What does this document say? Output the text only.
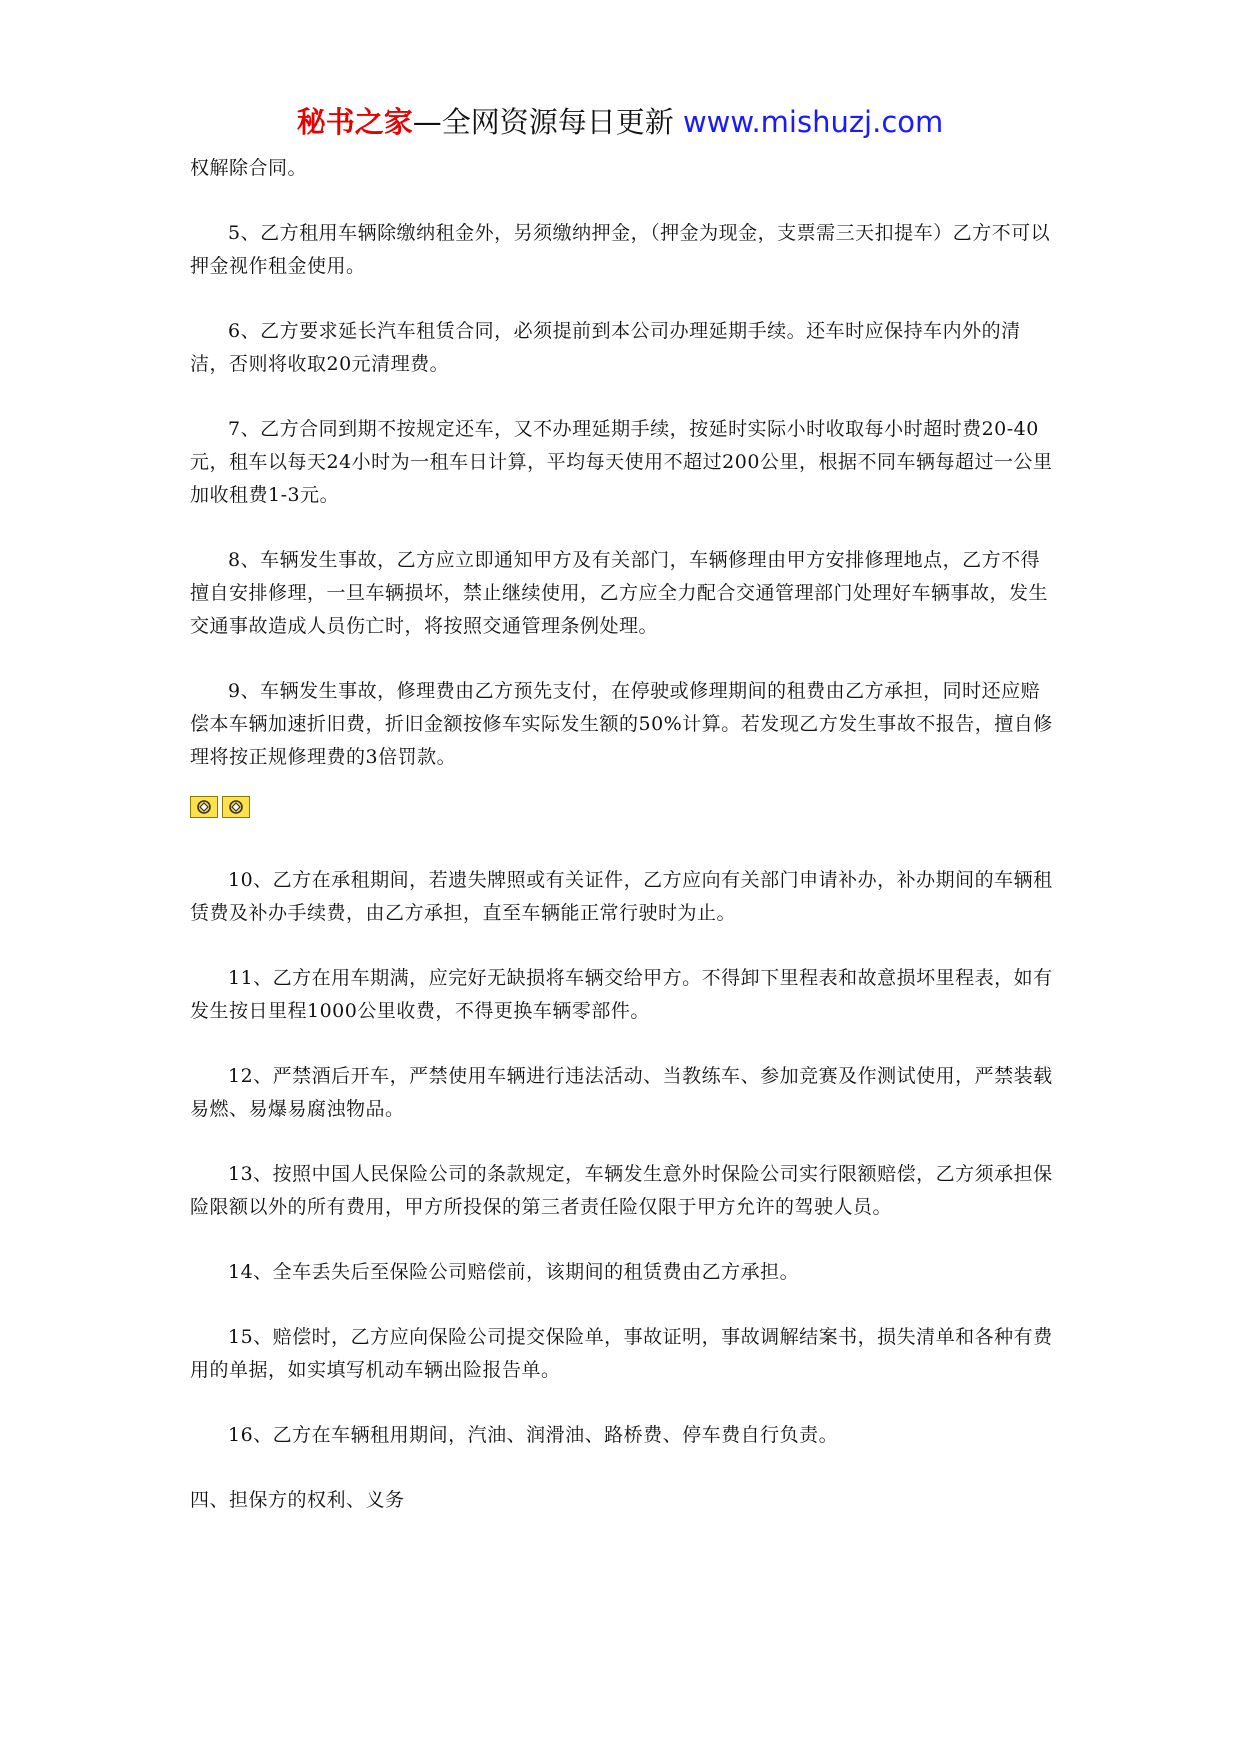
秘书之家—全网资源每日更新 www.mishuzj.com

权解除合同。

5、乙方租用车辆除缴纳租金外，另须缴纳押金，（押金为现金，支票需三天扣提车）乙方不可以押金视作租金使用。

6、乙方要求延长汽车租赁合同，必须提前到本公司办理延期手续。还车时应保持车内外的清洁，否则将收取20元清理费。

7、乙方合同到期不按规定还车，又不办理延期手续，按延时实际小时收取每小时超时费20-40元，租车以每天24小时为一租车日计算，平均每天使用不超过200公里，根据不同车辆每超过一公里加收租费1-3元。

8、车辆发生事故，乙方应立即通知甲方及有关部门，车辆修理由甲方安排修理地点，乙方不得擅自安排修理，一旦车辆损坏，禁止继续使用，乙方应全力配合交通管理部门处理好车辆事故，发生交通事故造成人员伤亡时，将按照交通管理条例处理。

9、车辆发生事故，修理费由乙方预先支付，在停驶或修理期间的租费由乙方承担，同时还应赔偿本车辆加速折旧费，折旧金额按修车实际发生额的50%计算。若发现乙方发生事故不报告，擅自修理将按正规修理费的3倍罚款。

10、乙方在承租期间，若遗失牌照或有关证件，乙方应向有关部门申请补办，补办期间的车辆租赁费及补办手续费，由乙方承担，直至车辆能正常行驶时为止。

11、乙方在用车期满，应完好无缺损将车辆交给甲方。不得卸下里程表和故意损坏里程表，如有发生按日里程1000公里收费，不得更换车辆零部件。

12、严禁酒后开车，严禁使用车辆进行违法活动、当教练车、参加竞赛及作测试使用，严禁装载易燃、易爆易腐浊物品。

13、按照中国人民保险公司的条款规定，车辆发生意外时保险公司实行限额赔偿，乙方须承担保险限额以外的所有费用，甲方所投保的第三者责任险仅限于甲方允许的驾驶人员。

14、全车丢失后至保险公司赔偿前，该期间的租赁费由乙方承担。

15、赔偿时，乙方应向保险公司提交保险单，事故证明，事故调解结案书，损失清单和各种有费用的单据，如实填写机动车辆出险报告单。

16、乙方在车辆租用期间，汽油、润滑油、路桥费、停车费自行负责。

四、担保方的权利、义务
